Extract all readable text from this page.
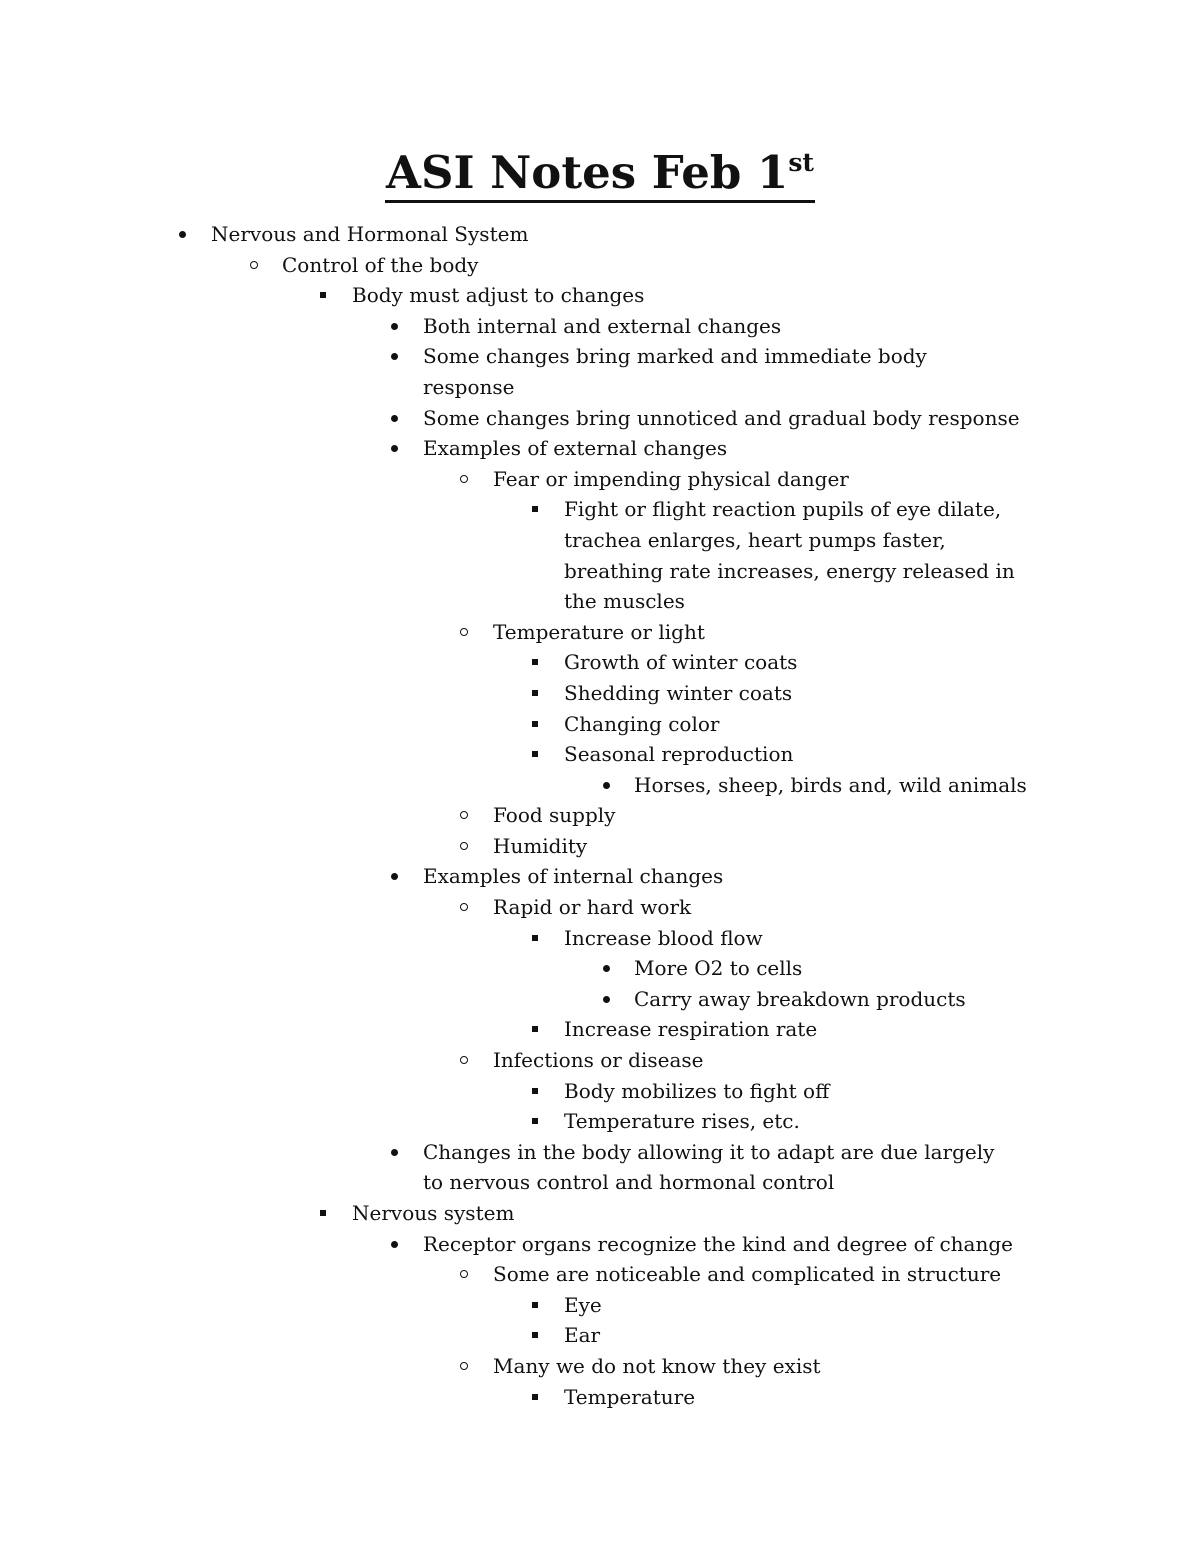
ASI Notes Feb 1st
Nervous and Hormonal System
Control of the body
Body must adjust to changes
Both internal and external changes
Some changes bring marked and immediate body
response
Some changes bring unnoticed and gradual body response
Examples of external changes
Fear or impending physical danger
Fight or flight reaction pupils of eye dilate,
trachea enlarges, heart pumps faster,
breathing rate increases, energy released in
the muscles
Temperature or light
Growth of winter coats
Shedding winter coats
Changing color
Seasonal reproduction
Horses, sheep, birds and, wild animals
Food supply
Humidity
Examples of internal changes
Rapid or hard work
Increase blood flow
More O2 to cells
Carry away breakdown products
Increase respiration rate
Infections or disease
Body mobilizes to fight off
Temperature rises, etc.
Changes in the body allowing it to adapt are due largely
to nervous control and hormonal control
Nervous system
Receptor organs recognize the kind and degree of change
Some are noticeable and complicated in structure
Eye
Ear
Many we do not know they exist
Temperature
